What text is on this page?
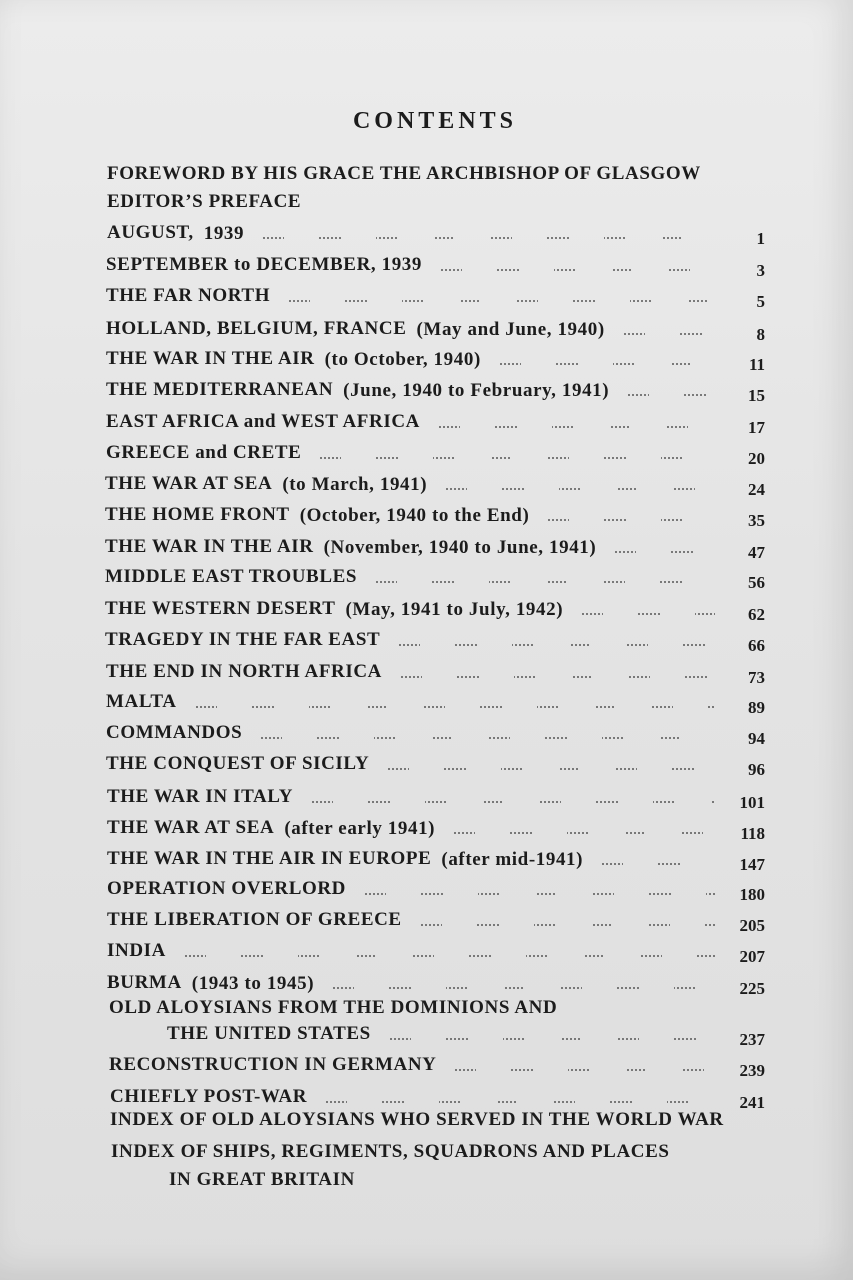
CONTENTS
FOREWORD BY HIS GRACE THE ARCHBISHOP OF GLASGOW
EDITOR’S PREFACE
AUGUST, 1939	1
SEPTEMBER to DECEMBER, 1939	3
THE FAR NORTH	5
HOLLAND, BELGIUM, FRANCE (May and June, 1940)	8
THE WAR IN THE AIR (to October, 1940)	11
THE MEDITERRANEAN (June, 1940 to February, 1941)	15
EAST AFRICA and WEST AFRICA	17
GREECE and CRETE	20
THE WAR AT SEA (to March, 1941)	24
THE HOME FRONT (October, 1940 to the End)	35
THE WAR IN THE AIR (November, 1940 to June, 1941)	47
MIDDLE EAST TROUBLES	56
THE WESTERN DESERT (May, 1941 to July, 1942)	62
TRAGEDY IN THE FAR EAST	66
THE END IN NORTH AFRICA	73
MALTA	89
COMMANDOS	94
THE CONQUEST OF SICILY	96
THE WAR IN ITALY	101
THE WAR AT SEA (after early 1941)	118
THE WAR IN THE AIR IN EUROPE (after mid-1941)	147
OPERATION OVERLORD	180
THE LIBERATION OF GREECE	205
INDIA	207
BURMA (1943 to 1945)	225
OLD ALOYSIANS FROM THE DOMINIONS AND
THE UNITED STATES	237
RECONSTRUCTION IN GERMANY	239
CHIEFLY POST-WAR	241
INDEX OF OLD ALOYSIANS WHO SERVED IN THE WORLD WAR
INDEX OF SHIPS, REGIMENTS, SQUADRONS AND PLACES
IN GREAT BRITAIN
